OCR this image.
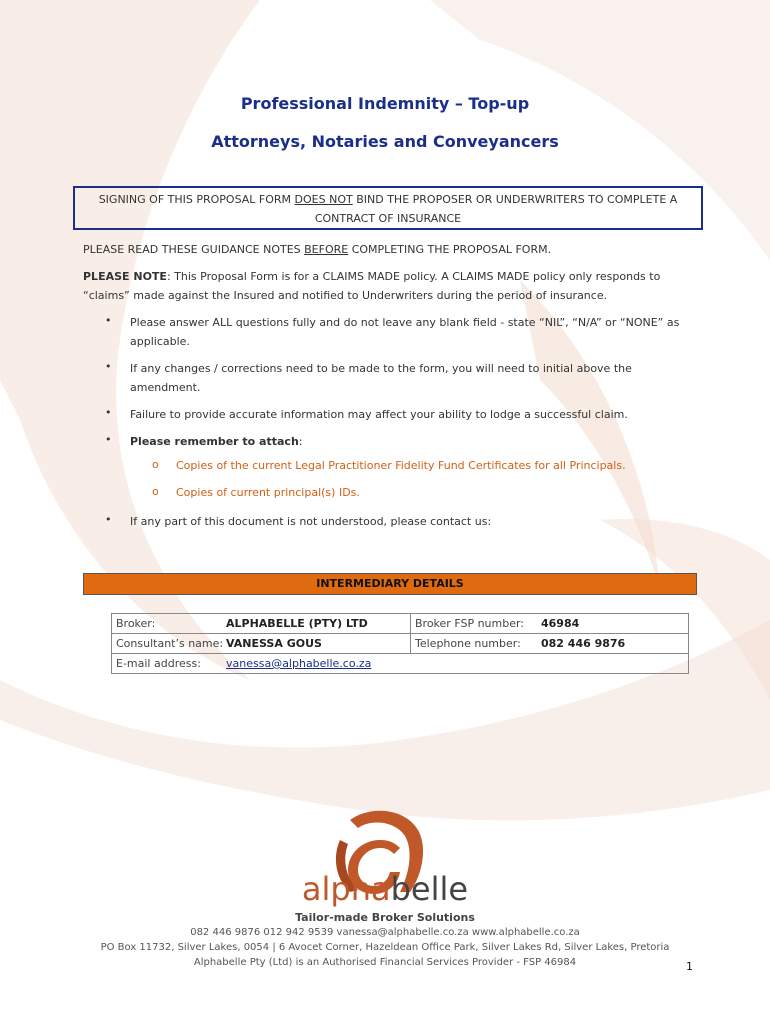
Professional Indemnity – Top-up
Attorneys, Notaries and Conveyancers
SIGNING OF THIS PROPOSAL FORM DOES NOT BIND THE PROPOSER OR UNDERWRITERS TO COMPLETE A
CONTRACT OF INSURANCE
PLEASE READ THESE GUIDANCE NOTES BEFORE COMPLETING THE PROPOSAL FORM.
PLEASE NOTE: This Proposal Form is for a CLAIMS MADE policy. A CLAIMS MADE policy only responds to
“claims” made against the Insured and notified to Underwriters during the period of insurance.
• Please answer ALL questions fully and do not leave any blank field - state “NIL”, “N/A” or “NONE” as
applicable.
• If any changes / corrections need to be made to the form, you will need to initial above the
amendment.
• Failure to provide accurate information may affect your ability to lodge a successful claim.
• Please remember to attach:
o Copies of the current Legal Practitioner Fidelity Fund Certificates for all Principals.
o Copies of current principal(s) IDs.
• If any part of this document is not understood, please contact us:
INTERMEDIARY DETAILS
Broker: ALPHABELLE (PTY) LTD	Broker FSP number: 46984
Consultant’s name: VANESSA GOUS	Telephone number: 082 446 9876
E-mail address: vanessa@alphabelle.co.za	
alphabelle
Tailor-made Broker Solutions
082 446 9876 012 942 9539 vanessa@alphabelle.co.za www.alphabelle.co.za
PO Box 11732, Silver Lakes, 0054 | 6 Avocet Corner, Hazeldean Office Park, Silver Lakes Rd, Silver Lakes, Pretoria
Alphabelle Pty (Ltd) is an Authorised Financial Services Provider - FSP 46984	1
